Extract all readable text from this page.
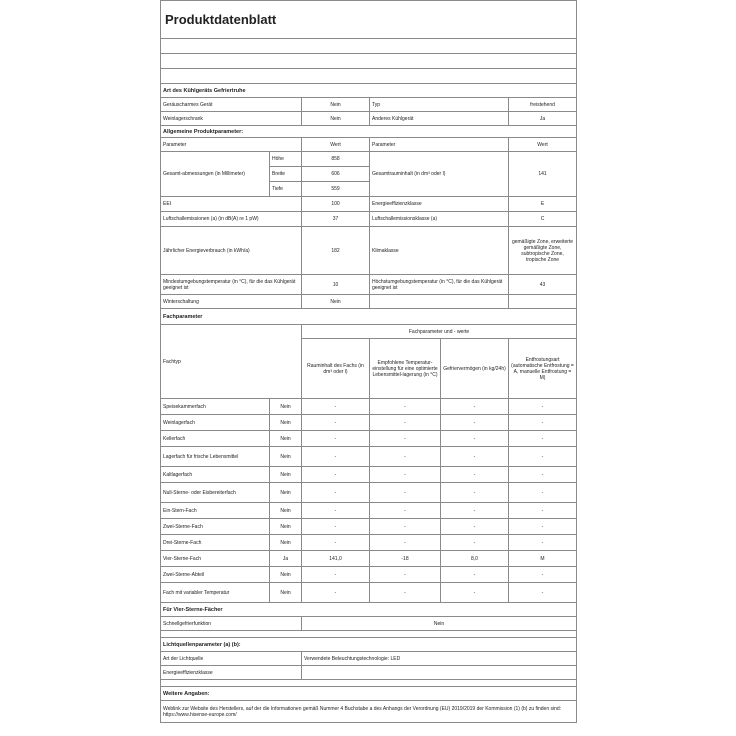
Produktdatenblatt					

Art des Kühlgeräts Gefriertruhe					
Geräuscharmes Gerät		Nein	Typ		freistehend
Weinlagerschrank		Nein	Anderes Kühlgerät		Ja
Allgemeine Produktparameter:					
Parameter		Wert	Parameter		Wert
Gesamt-abmessungen (in Millimeter)	Höhe	858	Gesamtrauminhalt (in dm³ oder l)		141
	Breite	606			
	Tiefe	559			
EEI		100	Energieeffizienzklasse		E
Luftschallemissionen (a) (in dB(A) re 1 pW)		37	Luftschallemissionsklasse (a)		C
Jährlicher Energieverbrauch (in kWh/a)		182	Klimaklasse		gemäßigte Zone, erweiterte gemäßigte Zone, subtropische Zone, tropische Zone
Mindestumgebungstemperatur (in °C), für die das Kühlgerät geeignet ist		10	Höchstumgebungstemperatur (in °C), für die das Kühlgerät geeignet ist		43
Winterschaltung		Nein			
Fachparameter					
Fachtyp		Fachparameter und - werte			
		Rauminhalt des Fachs (in dm³ oder l)	Empfohlene Temperatur-einstellung für eine optimierte Lebensmittel-lagerung (in °C)	Gefriervermögen (in kg/24h)	Entfrostungsart (automatische Entfrostung = A, manuelle Entfrostung = M)
Speisekammerfach	Nein	-	-	-	-
Weinlagerfach	Nein	-	-	-	-
Kellerfach	Nein	-	-	-	-
Lagerfach für frische Lebensmittel	Nein	-	-	-	-
Kaltlagerfach	Nein	-	-	-	-
Null-Sterne- oder Eisbereiterfach	Nein	-	-	-	-
Ein-Stern-Fach	Nein	-	-	-	-
Zwei-Sterne-Fach	Nein	-	-	-	-
Drei-Sterne-Fach	Nein	-	-	-	-
Vier-Sterne-Fach	Ja	141,0	-18	8,0	M
Zwei-Sterne-Abteil	Nein	-	-	-	-
Fach mit variabler Temperatur	Nein	-	-	-	-
Für Vier-Sterne-Fächer					
Schnellgefrierfunktion		Nein			

Lichtquellenparameter (a) (b):					
Art der Lichtquelle		Verwendete Beleuchtungstechnologie: LED			
Energieeffizienzklasse					

Weitere Angaben:					
Weblink zur Website des Herstellers, auf der die Informationen gemäß Nummer 4 Buchstabe a des Anhangs der Verordnung (EU) 2019/2019 der Kommission (1) (b) zu finden sind: https://www.hisense-europe.com/					
